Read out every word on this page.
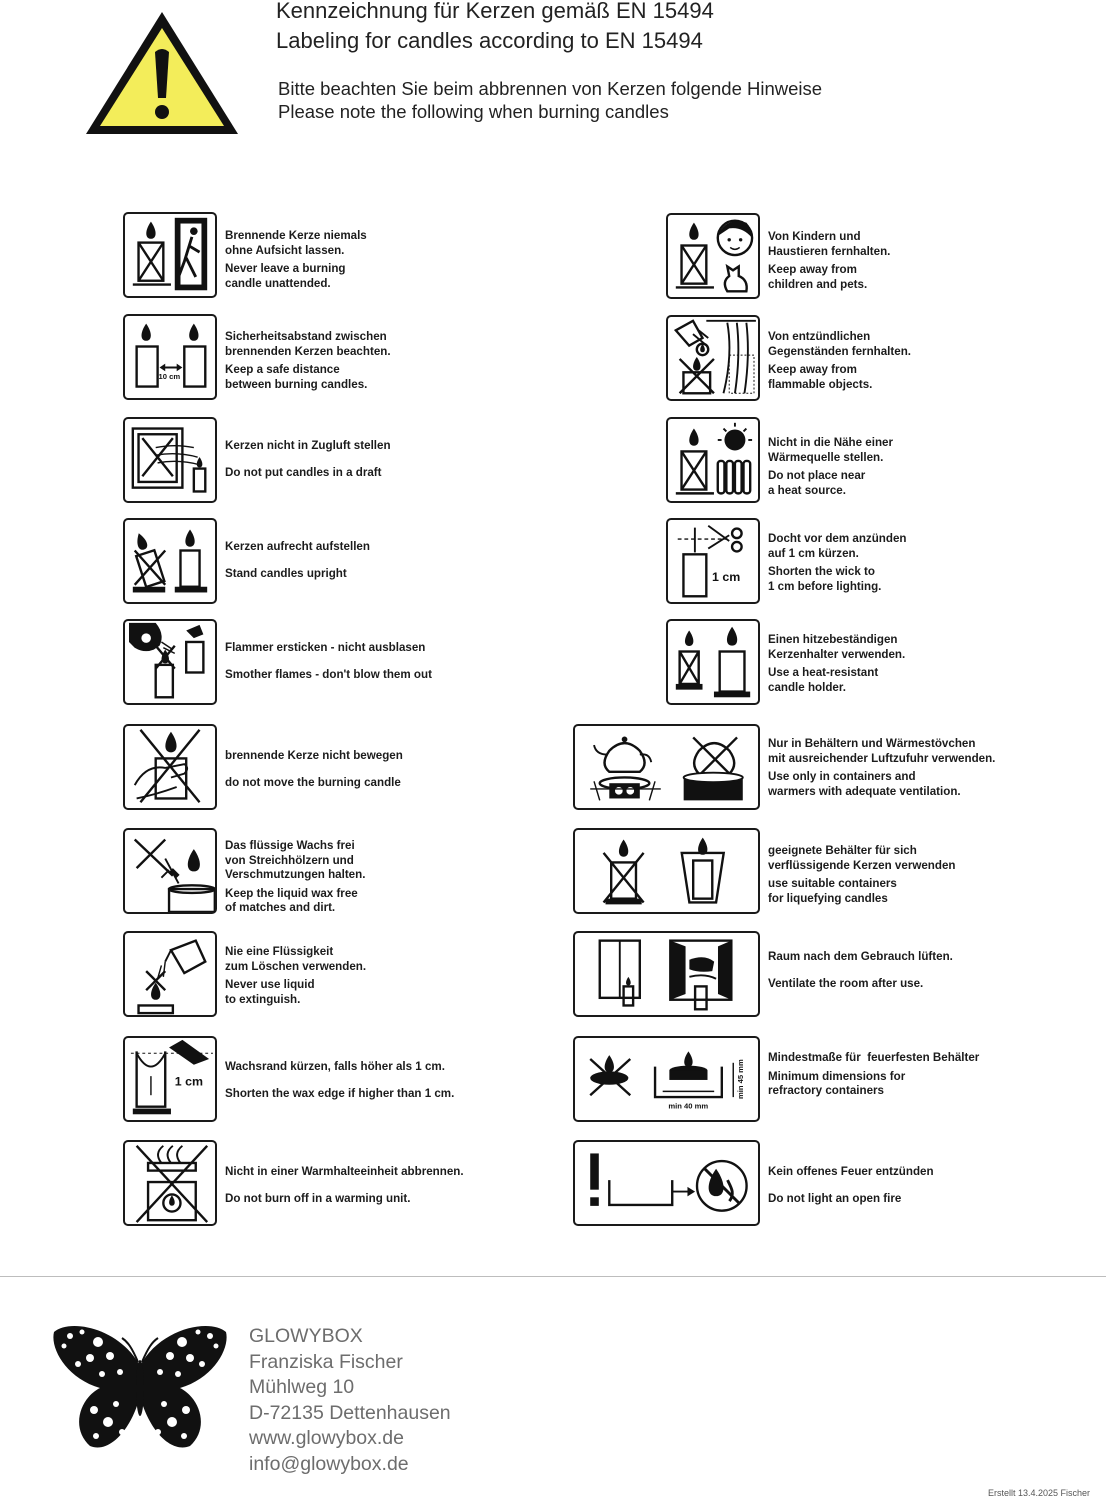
Kennzeichnung für Kerzen gemäß EN 15494
Labeling for candles according to EN 15494
Bitte beachten Sie beim abbrennen von Kerzen folgende Hinweise
Please note the following when burning candles
Brennende Kerze niemals
ohne Aufsicht lassen.
Never leave a burning
candle unattended.
10 cm
Sicherheitsabstand zwischen
brennenden Kerzen beachten.
Keep a safe distance
between burning candles.
Kerzen nicht in Zugluft stellen
Do not put candles in a draft
Kerzen aufrecht aufstellen
Stand candles upright
Flammer ersticken - nicht ausblasen
Smother flames - don't blow them out
brennende Kerze nicht bewegen
do not move the burning candle
Das flüssige Wachs frei
von Streichhölzern und
Verschmutzungen halten.
Keep the liquid wax free
of matches and dirt.
Nie eine Flüssigkeit
zum Löschen verwenden.
Never use liquid
to extinguish.
1 cm
Wachsrand kürzen, falls höher als 1 cm.
Shorten the wax edge if higher than 1 cm.
Nicht in einer Warmhalteeinheit abbrennen.
Do not burn off in a warming unit.
Von Kindern und
Haustieren fernhalten.
Keep away from
children and pets.
Von entzündlichen
Gegenständen fernhalten.
Keep away from
flammable objects.
Nicht in die Nähe einer
Wärmequelle stellen.
Do not place near
a heat source.
1 cm
Docht vor dem anzünden
auf 1 cm kürzen.
Shorten the wick to
1 cm before lighting.
Einen hitzebeständigen
Kerzenhalter verwenden.
Use a heat-resistant
candle holder.
Nur in Behältern und Wärmestövchen
mit ausreichender Luftzufuhr verwenden.
Use only in containers and
warmers with adequate ventilation.
geeignete Behälter für sich
verflüssigende Kerzen verwenden
use suitable containers
for liquefying candles
Raum nach dem Gebrauch lüften.
Ventilate the room after use.
min 40 mm
min 45 mm
Mindestmaße für  feuerfesten Behälter
Minimum dimensions for
refractory containers
Kein offenes Feuer entzünden
Do not light an open fire
GLOWYBOX
Franziska Fischer
Mühlweg 10
D-72135 Dettenhausen
www.glowybox.de
info@glowybox.de
Erstellt 13.4.2025 Fischer
